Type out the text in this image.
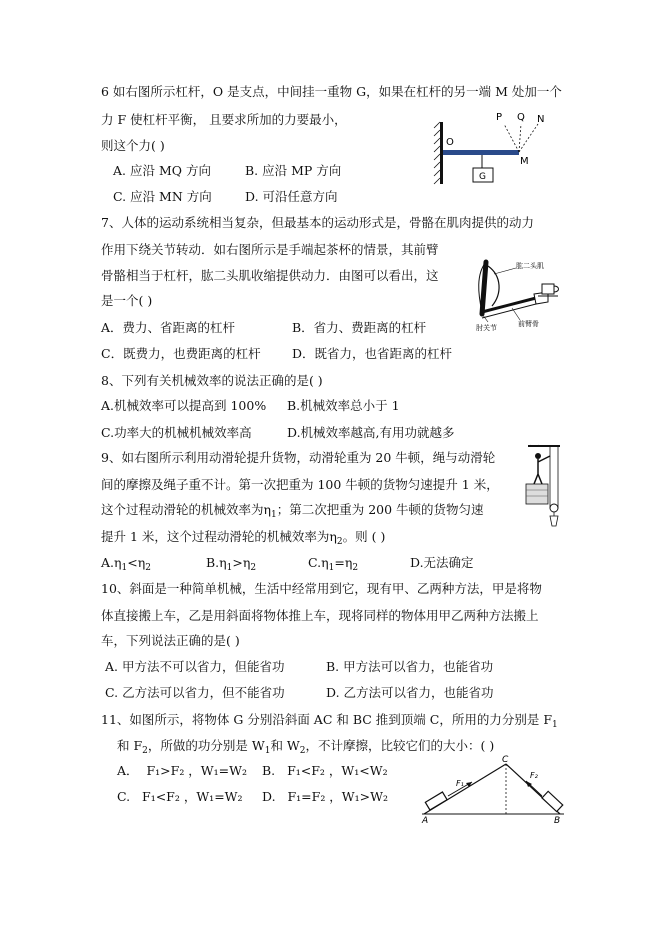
6 如右图所示杠杆，O 是支点，中间挂一重物 G，如果在杠杆的另一端 M 处加一个
力 F 使杠杆平衡， 且要求所加的力要最小，
则这个力( )
A. 应沿 MQ 方向	B. 应沿 MP 方向
C. 应沿 MN 方向	D. 可沿任意方向
P Q N
O
M
G
7、人体的运动系统相当复杂，但最基本的运动形式是，骨骼在肌肉提供的动力
作用下绕关节转动．如右图所示是手端起茶杯的情景，其前臂
骨骼相当于杠杆，肱二头肌收缩提供动力．由图可以看出，这
是一个( )
A．费力、省距离的杠杆	B．省力、费距离的杠杆
C．既费力，也费距离的杠杆	D．既省力，也省距离的杠杆
肱二头肌
肘关节	前臂骨
8、下列有关机械效率的说法正确的是( )
A.机械效率可以提高到 100% B.机械效率总小于 1
C.功率大的机械机械效率高	D.机械效率越高,有用功就越多
9、如右图所示利用动滑轮提升货物，动滑轮重为 20 牛顿，绳与动滑轮
间的摩擦及绳子重不计。第一次把重为 100 牛顿的货物匀速提升 1 米，
这个过程动滑轮的机械效率为$\eta_1$；第二次把重为 200 牛顿的货物匀速
提升 1 米，这个过程动滑轮的机械效率为$\eta_2$。则 ( )
$A.\eta_1<\eta_2$	$B.\eta_1>\eta_2$	$C.\eta_1=\eta_2$	D.无法确定
10、斜面是一种简单机械，生活中经常用到它，现有甲、乙两种方法，甲是将物
体直接搬上车，乙是用斜面将物体推上车，现将同样的物体用甲乙两种方法搬上
车，下列说法正确的是( )
A. 甲方法不可以省力，但能省功	B. 甲方法可以省力，也能省功
C. 乙方法可以省力，但不能省功	D. 乙方法可以省力，也能省功
11、如图所示，将物体 G 分别沿斜面 AC 和 BC 推到顶端 C，所用的力分别是 $F_1$
和 $F_2$，所做的功分别是 $W_1$和 $W_2$，不计摩擦，比较它们的大小：( )
A． F₁>F₂ ，W₁=W₂ B. F₁<F₂ ，W₁<W₂
C. F₁<F₂ ，W₁=W₂ D. F₁=F₂ ，W₁>W₂
A	B
C
F₁
F₂
